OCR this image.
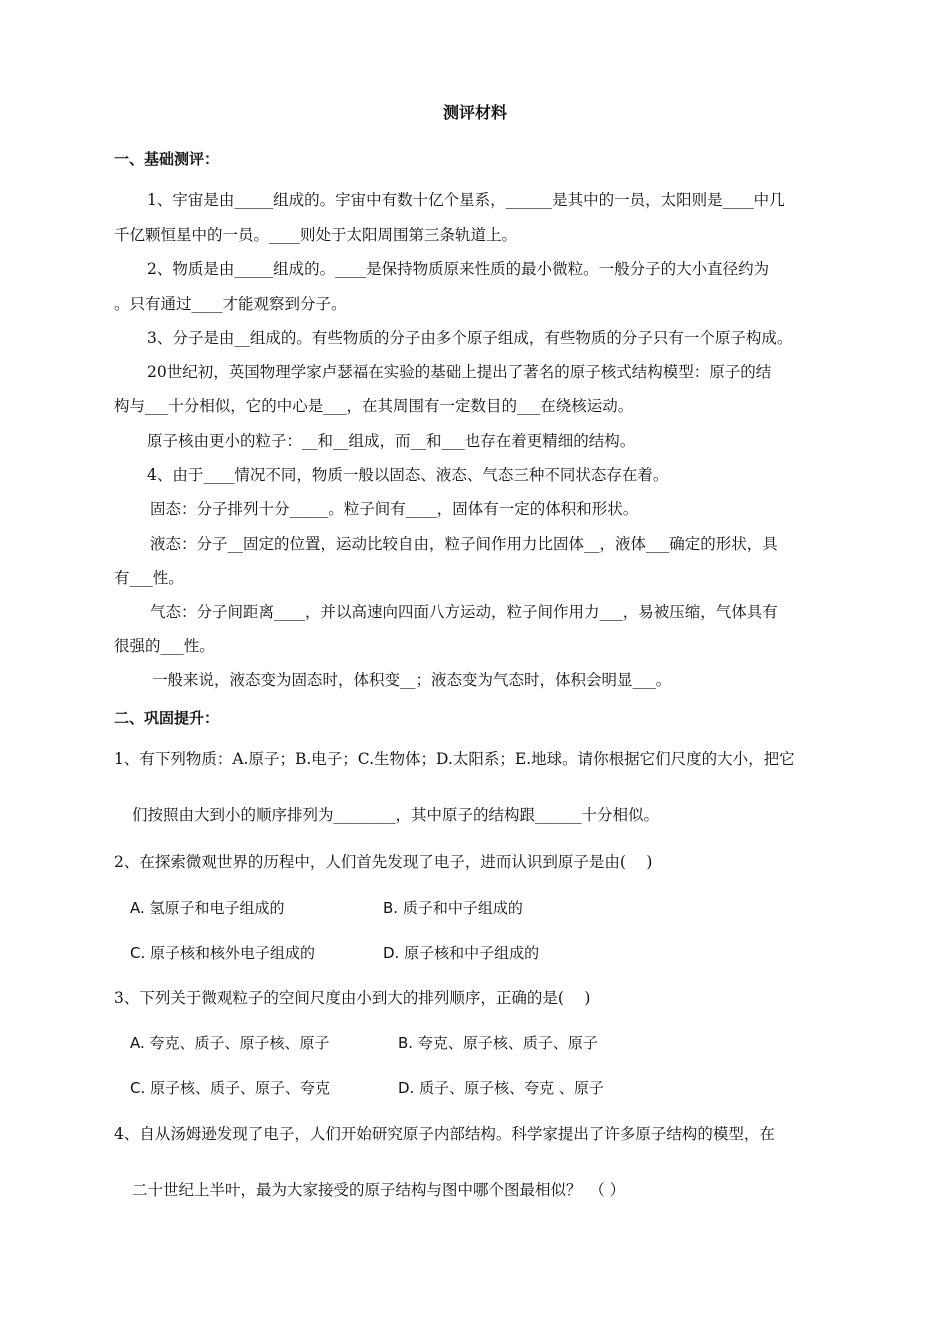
测评材料
一、基础测评：
1、宇宙是由_____组成的。宇宙中有数十亿个星系，______是其中的一员，太阳则是____中几
千亿颗恒星中的一员。____则处于太阳周围第三条轨道上。
2、物质是由_____组成的。____是保持物质原来性质的最小微粒。一般分子的大小直径约为
。只有通过____才能观察到分子。
3、分子是由__组成的。有些物质的分子由多个原子组成，有些物质的分子只有一个原子构成。
20世纪初，英国物理学家卢瑟福在实验的基础上提出了著名的原子核式结构模型：原子的结
构与___十分相似，它的中心是___，在其周围有一定数目的___在绕核运动。
原子核由更小的粒子：__和__组成，而__和___也存在着更精细的结构。
4、由于____情况不同，物质一般以固态、液态、气态三种不同状态存在着。
固态：分子排列十分_____。粒子间有____，固体有一定的体积和形状。
液态：分子__固定的位置，运动比较自由，粒子间作用力比固体__，液体___确定的形状，具
有___性。
气态：分子间距离____，并以高速向四面八方运动，粒子间作用力___，易被压缩，气体具有
很强的___性。
一般来说，液态变为固态时，体积变__；液态变为气态时，体积会明显___。
二、巩固提升：
1、有下列物质：A.原子；B.电子；C.生物体；D.太阳系；E.地球。请你根据它们尺度的大小，把它
们按照由大到小的顺序排列为________，其中原子的结构跟______十分相似。
2、在探索微观世界的历程中，人们首先发现了电子，进而认识到原子是由(　 )
A. 氢原子和电子组成的	B. 质子和中子组成的
C. 原子核和核外电子组成的	D. 原子核和中子组成的
3、下列关于微观粒子的空间尺度由小到大的排列顺序，正确的是(　 )
A. 夸克、质子、原子核、原子	B. 夸克、原子核、质子、原子
C. 原子核、质子、原子、夸克	D. 质子、原子核、夸克 、原子
4、自从汤姆逊发现了电子，人们开始研究原子内部结构。科学家提出了许多原子结构的模型，在
二十世纪上半叶，最为大家接受的原子结构与图中哪个图最相似？　（ ）
